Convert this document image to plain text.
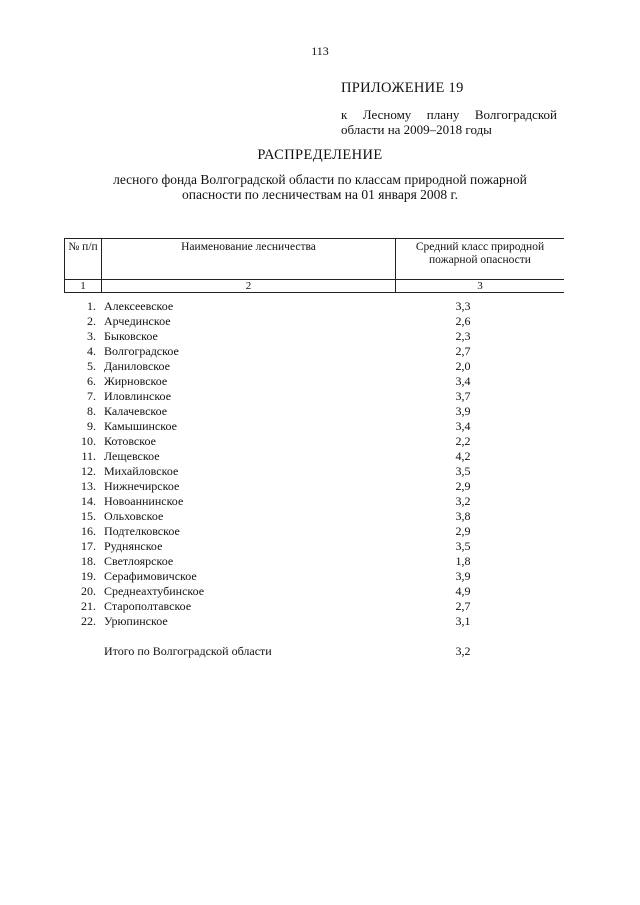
113
ПРИЛОЖЕНИЕ 19
к Лесному плану Волгоградской
области на 2009–2018 годы
РАСПРЕДЕЛЕНИЕ
лесного фонда Волгоградской области по классам природной пожарной
опасности по лесничествам на 01 января 2008 г.
№ п/п	Наименование лесничества	Средний класс природной пожарной опасности
1	2	3
1. Алексеевское	3,3
2. Арчединское	2,6
3. Быковское	2,3
4. Волгоградское	2,7
5. Даниловское	2,0
6. Жирновское	3,4
7. Иловлинское	3,7
8. Калачевское	3,9
9. Камышинское	3,4
10. Котовское	2,2
11. Лещевское	4,2
12. Михайловское	3,5
13. Нижнечирское	2,9
14. Новоаннинское	3,2
15. Ольховское	3,8
16. Подтелковское	2,9
17. Руднянское	3,5
18. Светлоярское	1,8
19. Серафимовичское	3,9
20. Среднеахтубинское	4,9
21. Старополтавское	2,7
22. Урюпинское	3,1
Итого по Волгоградской области	3,2
